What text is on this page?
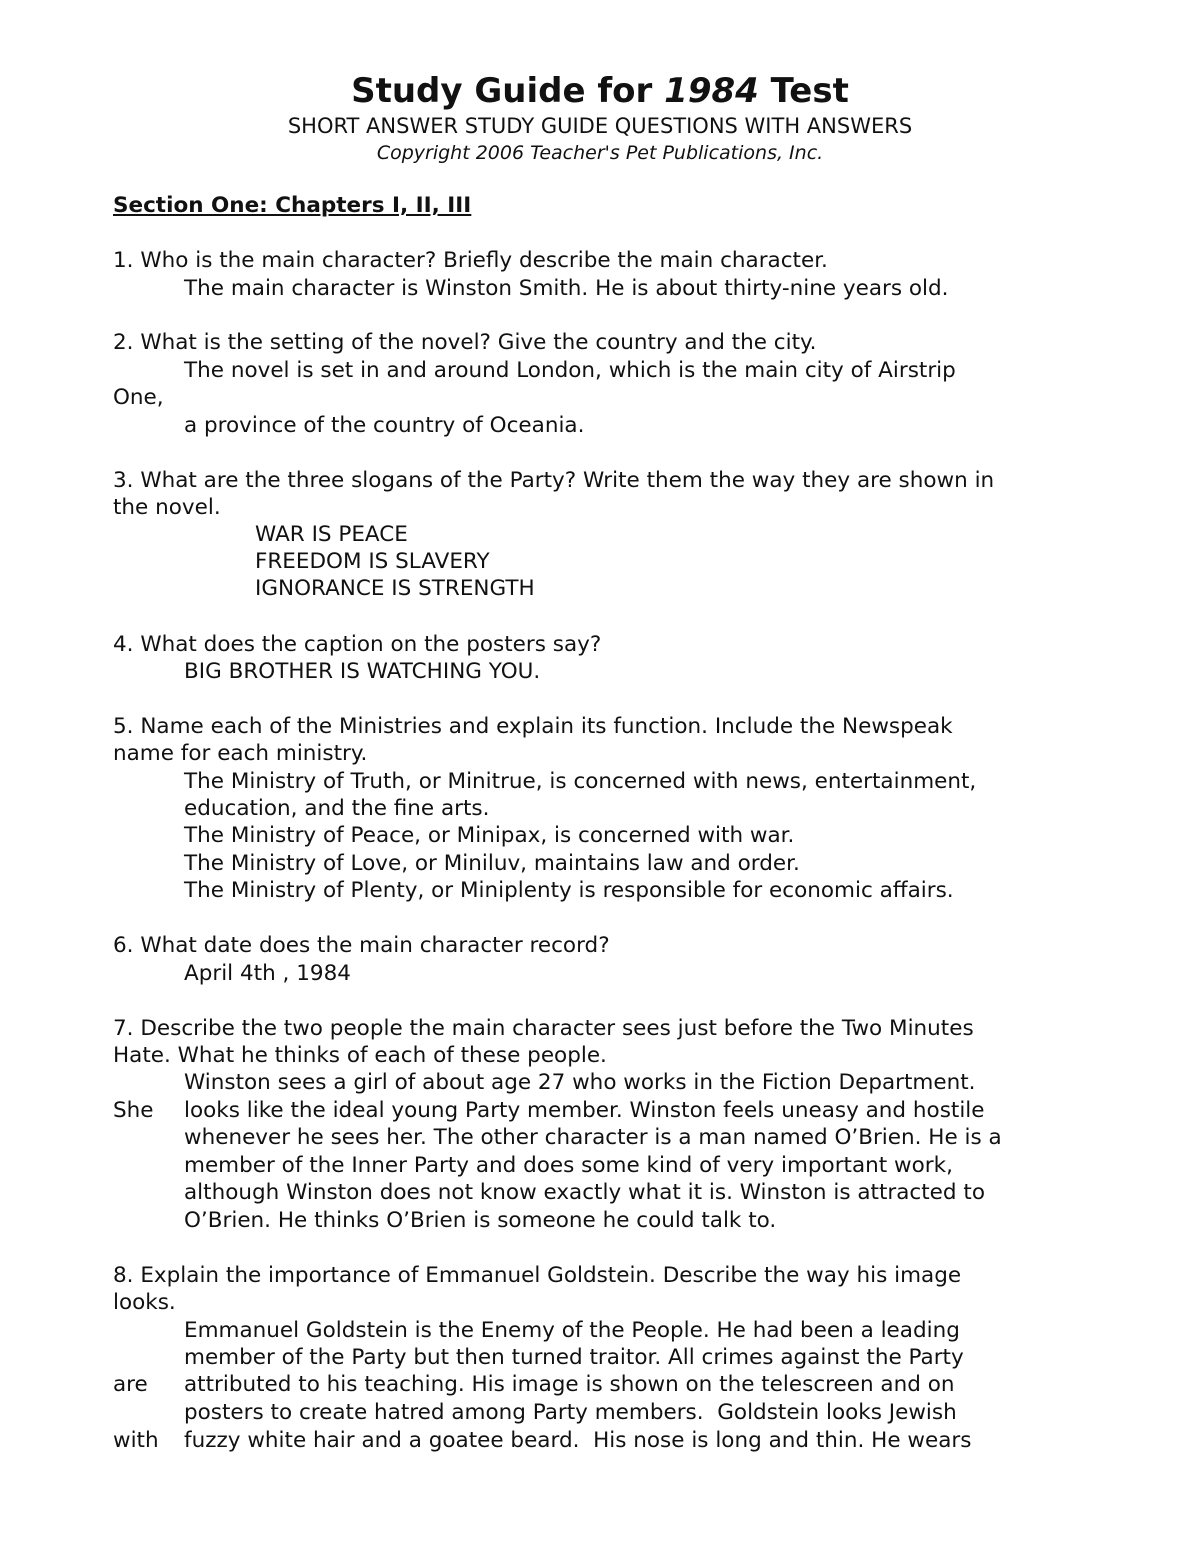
Study Guide for 1984 Test
SHORT ANSWER STUDY GUIDE QUESTIONS WITH ANSWERS
Copyright 2006 Teacher's Pet Publications, Inc.
Section One: Chapters I, II, III
1. Who is the main character? Briefly describe the main character.
The main character is Winston Smith. He is about thirty-nine years old.
2. What is the setting of the novel? Give the country and the city.
The novel is set in and around London, which is the main city of Airstrip
One,
a province of the country of Oceania.
3. What are the three slogans of the Party? Write them the way they are shown in
the novel.
WAR IS PEACE
FREEDOM IS SLAVERY
IGNORANCE IS STRENGTH
4. What does the caption on the posters say?
BIG BROTHER IS WATCHING YOU.
5. Name each of the Ministries and explain its function. Include the Newspeak
name for each ministry.
The Ministry of Truth, or Minitrue, is concerned with news, entertainment,
education, and the fine arts.
The Ministry of Peace, or Minipax, is concerned with war.
The Ministry of Love, or Miniluv, maintains law and order.
The Ministry of Plenty, or Miniplenty is responsible for economic affairs.
6. What date does the main character record?
April 4th , 1984
7. Describe the two people the main character sees just before the Two Minutes
Hate. What he thinks of each of these people.
Winston sees a girl of about age 27 who works in the Fiction Department.
She looks like the ideal young Party member. Winston feels uneasy and hostile
whenever he sees her. The other character is a man named O’Brien. He is a
member of the Inner Party and does some kind of very important work,
although Winston does not know exactly what it is. Winston is attracted to
O’Brien. He thinks O’Brien is someone he could talk to.
8. Explain the importance of Emmanuel Goldstein. Describe the way his image
looks.
Emmanuel Goldstein is the Enemy of the People. He had been a leading
member of the Party but then turned traitor. All crimes against the Party
are attributed to his teaching. His image is shown on the telescreen and on
posters to create hatred among Party members.  Goldstein looks Jewish
with fuzzy white hair and a goatee beard.  His nose is long and thin. He wears
